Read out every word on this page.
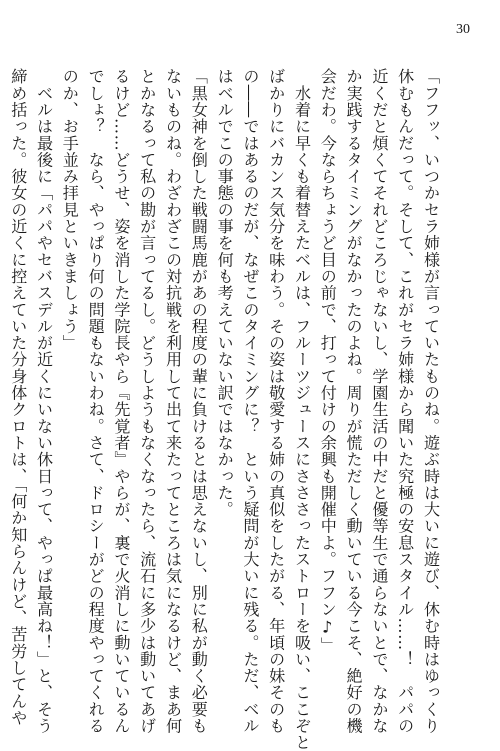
30
「フフッ、いつかセラ姉様が言っていたものね。遊ぶ時は大いに遊び、休む時はゆっくり
休むもんだって。そして、これがセラ姉様から聞いた究極の安息スタイル……！　パパの
近くだと煩くてそれどころじゃないし、学園生活の中だと優等生で通らないとで、なかな
か実践するタイミングがなかったのよね。周りが慌ただしく動いている今こそ、絶好の機
会だわ。今ならちょうど目の前で、打って付けの余興も開催中よ。フフン♪」
　水着に早くも着替えたベルは、フルーツジュースにさささったストローを吸い、ここぞと
ばかりにバカンス気分を味わう。その姿は敬愛する姉の真似をしたがる、年頃の妹そのも
の――ではあるのだが、なぜこのタイミングに？　という疑問が大いに残る。ただ、ベル
はベルでこの事態の事を何も考えていない訳ではなかった。
「黒女神を倒した戦闘馬鹿があの程度の輩に負けるとは思えないし、別に私が動く必要も
ないものね。わざわざこの対抗戦を利用して出て来たってところは気になるけど、まあ何
とかなるって私の勘が言ってるし。どうしようもなくなったら、流石に多少は動いてあげ
るけど……どうせ、姿を消した学院長やら『先覚者』やらが、裏で火消しに動いているん
でしょ？　なら、やっぱり何の問題もないわね。さて、ドロシーがどの程度やってくれる
のか、お手並み拝見といきましょう」
　ベルは最後に「パパやセバスデルが近くにいない休日って、やっぱ最高ね！」と、そう
締め括った。彼女の近くに控えていた分身体クロトは、「何か知らんけど、苦労してんや
